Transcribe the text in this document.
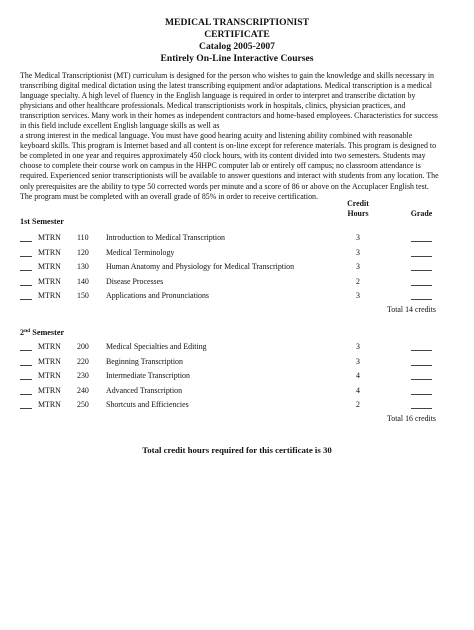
MEDICAL TRANSCRIPTIONIST
CERTIFICATE
Catalog 2005-2007
Entirely On-Line Interactive Courses
The Medical Transcriptionist (MT) curriculum is designed for the person who wishes to gain the knowledge and skills necessary in
transcribing digital medical dictation using the latest transcribing equipment and/or adaptations. Medical transcription is a medical
language specialty. A high level of fluency in the English language is required in order to interpret and transcribe dictation by
physicians and other healthcare professionals. Medical transcriptionists work in hospitals, clinics, physician practices, and
transcription services. Many work in their homes as independent contractors and home-based employees. Characteristics for success
in this field include excellent English language skills as well as
a strong interest in the medical language. You must have good hearing acuity and listening ability combined with reasonable
keyboard skills. This program is Internet based and all content is on-line except for reference materials. This program is designed to
be completed in one year and requires approximately 450 clock hours, with its content divided into two semesters. Students may
choose to complete their course work on campus in the HHPC computer lab or entirely off campus; no classroom attendance is
required. Experienced senior transcriptionists will be available to answer questions and interact with students from any location. The
only prerequisites are the ability to type 50 corrected words per minute and a score of 86 or above on the Accuplacer English test.
The program must be completed with an overall grade of 85% in order to receive certification.
Credit
Hours	Grade
1st Semester
MTRN 110 Introduction to Medical Transcription	3
MTRN 120 Medical Terminology	3
MTRN 130 Human Anatomy and Physiology for Medical Transcription	3
MTRN 140 Disease Processes	2
MTRN 150 Applications and Pronunciations	3
Total 14 credits
2nd Semester
MTRN 200 Medical Specialties and Editing	3
MTRN 220 Beginning Transcription	3
MTRN 230 Intermediate Transcription	4
MTRN 240 Advanced Transcription	4
MTRN 250 Shortcuts and Efficiencies	2
Total 16 credits
Total credit hours required for this certificate is 30
